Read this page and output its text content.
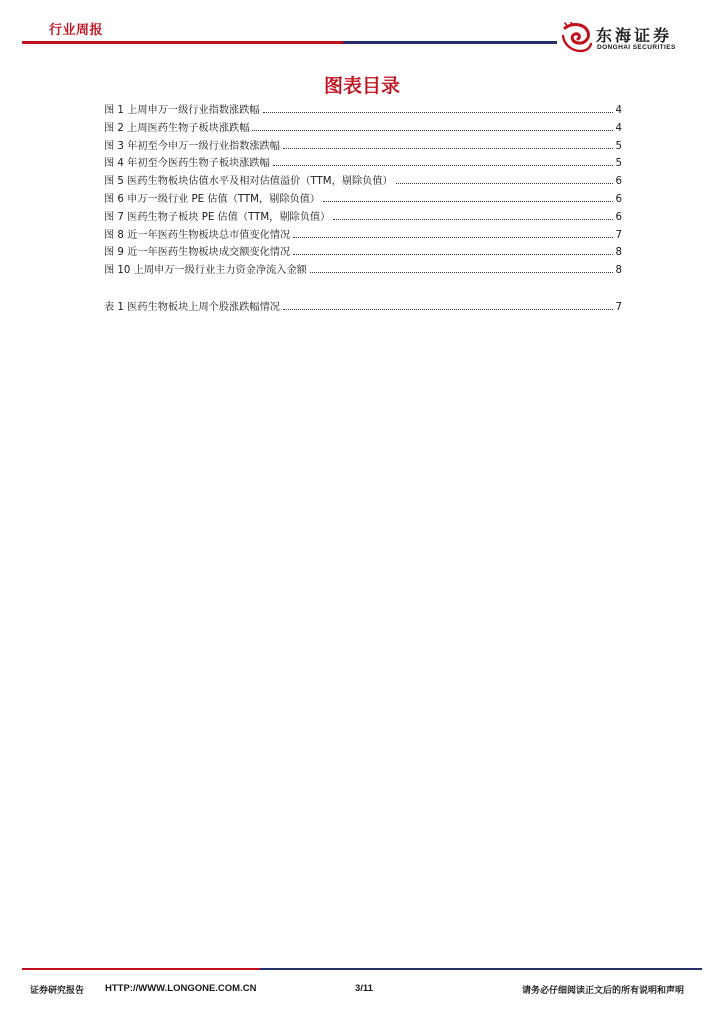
行业周报	东海证券
DONGHAI SECURITIES
图表目录
图 1 上周申万一级行业指数涨跌幅	4
图 2 上周医药生物子板块涨跌幅	4
图 3 年初至今申万一级行业指数涨跌幅	5
图 4 年初至今医药生物子板块涨跌幅	5
图 5 医药生物板块估值水平及相对估值溢价（TTM，剔除负值）	6
图 6 申万一级行业 PE 估值（TTM，剔除负值）	6
图 7 医药生物子板块 PE 估值（TTM，剔除负值）	6
图 8 近一年医药生物板块总市值变化情况	7
图 9 近一年医药生物板块成交额变化情况	8
图 10 上周申万一级行业主力资金净流入金额	8
表 1 医药生物板块上周个股涨跌幅情况	7
证券研究报告 HTTP://WWW.LONGONE.COM.CN	3/11	请务必仔细阅读正文后的所有说明和声明
